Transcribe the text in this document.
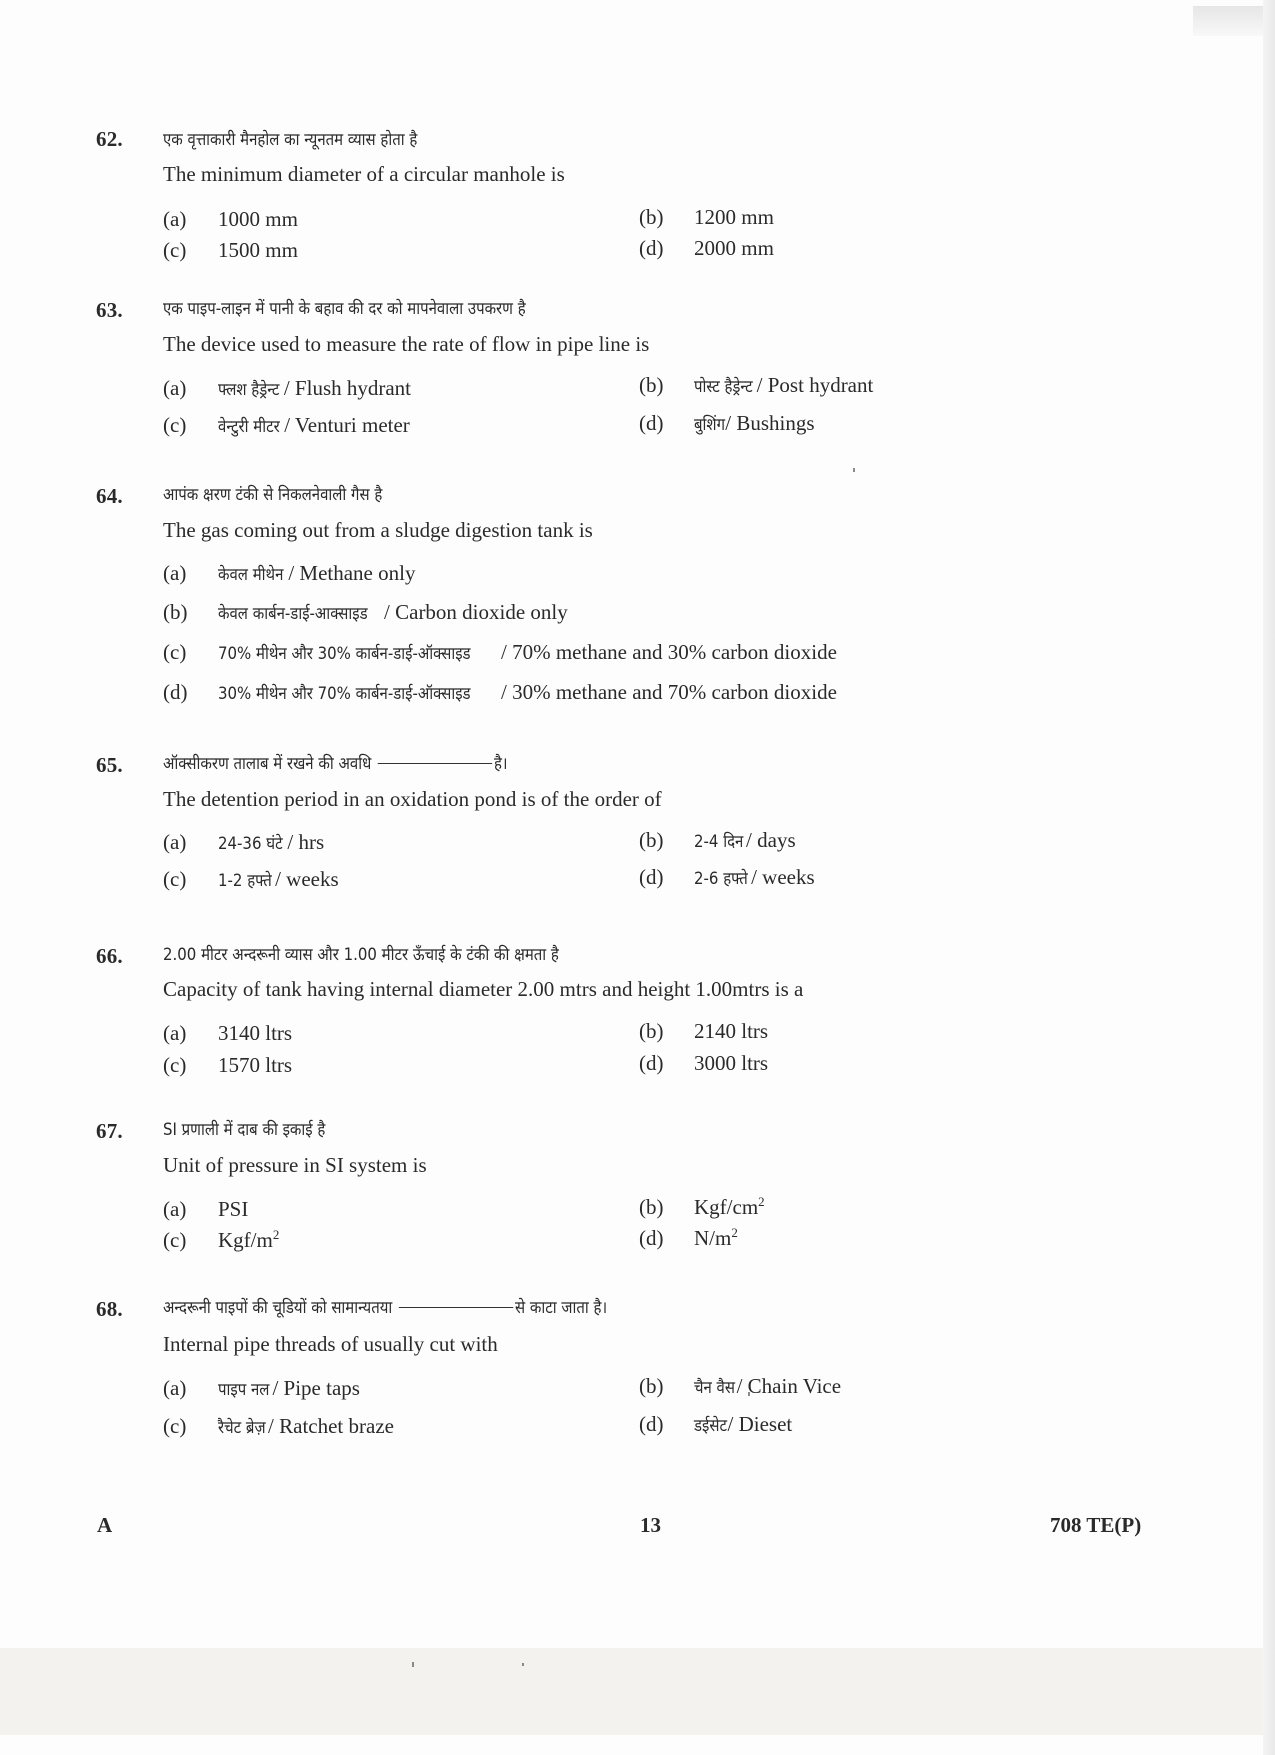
62. एक वृत्ताकारी मैनहोल का न्यूनतम व्यास होता है
The minimum diameter of a circular manhole is
(a) 1000 mm	(b) 1200 mm
(c) 1500 mm	(d) 2000 mm
63. एक पाइप-लाइन में पानी के बहाव की दर को मापनेवाला उपकरण है
The device used to measure the rate of flow in pipe line is
(a) फ्लश हैड्रेन्ट/ Flush hydrant	(b) पोस्ट हैड्रेन्ट/ Post hydrant
(c) वेन्टुरी मीटर/ Venturi meter	(d) बुशिंग/ Bushings
64. आपंक क्षरण टंकी से निकलनेवाली गैस है
The gas coming out from a sludge digestion tank is
(a) केवल मीथेन/ Methane only
(b) केवल कार्बन-डाई-आक्साइड/ Carbon dioxide only
(c) 70% मीथेन और 30% कार्बन-डाई-ऑक्साइड/ 70% methane and 30% carbon dioxide
(d) 30% मीथेन और 70% कार्बन-डाई-ऑक्साइड/ 30% methane and 70% carbon dioxide
65. ऑक्सीकरण तालाब में रखने की अवधि	है।
The detention period in an oxidation pond is of the order of
(a) 24-36 घंटे/ hrs	(b) 2-4 दिन/ days
(c) 1-2 हफ्ते/ weeks	(d) 2-6 हफ्ते/ weeks
66. 2.00 मीटर अन्दरूनी व्यास और 1.00 मीटर ऊँचाई के टंकी की क्षमता है
Capacity of tank having internal diameter 2.00 mtrs and height 1.00mtrs is a
(a) 3140 ltrs	(b) 2140 ltrs
(c) 1570 ltrs	(d) 3000 ltrs
67. SI प्रणाली में दाब की इकाई है
Unit of pressure in SI system is
(a) PSI	(b) Kgf/$cm^2$
(c) Kgf/$m^2$	(d) $N/m^2$
68. अन्दरूनी पाइपों की चूडियों को सामान्यतया	से काटा जाता है।
Internal pipe threads of usually cut with
(a) पाइप नल/ Pipe taps	(b) चैन वैस/ Chain Vice
(c) रैचेट ब्रेज़/ Ratchet braze	(d) डईसेट/ Dieset
A	13	708 TE(P)
